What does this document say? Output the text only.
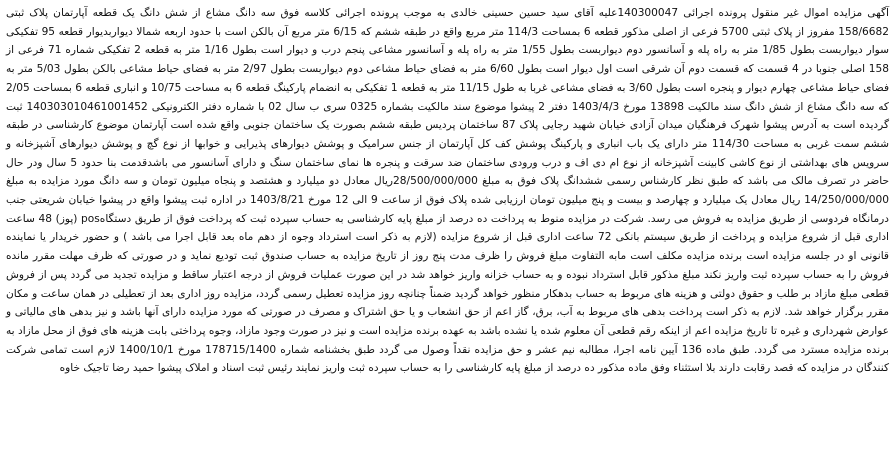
آگهی مزایده اموال غیر منقول پرونده اجرائی 140300047علیه آقای سید حسین حسینی خالدی به موجب پرونده اجرائی کلاسه فوق سه دانگ مشاع از شش دانگ یک قطعه آپارتمان پلاک ثبتی 158/6682 مفروز از پلاک ثبتی 5700 فرعی از اصلی مذکور قطعه 6 بمساحت 114/3 متر مربع واقع در طبقه ششم که 6/15 متر مربع آن بالکن است با حدود اربعه شمالا دیواربدیوار قطعه 95 تفکیکی سوار دیواربست بطول 1/85 متر به راه پله و آسانسور دوم دیواربست بطول 1/55 متر به راه پله و آسانسور مشاعی پنجم درب و دیوار است بطول 1/16 متر به قطعه 2 تفکیکی شماره 71 فرعی از 158 اصلی جنوبا در 4 قسمت که قسمت دوم آن شرقی است اول دیوار است بطول 6/60 متر به فضای حیاط مشاعی دوم دیواربست بطول 2/97 متر به فضای حیاط مشاعی بالکن بطول 5/03 متر به فضای حیاط مشاعی چهارم دیوار و پنجره است بطول 3/60 به فضای مشاعی غربا به طول 11/15 متر به قطعه 1 تفکیکی به انضمام پارکینگ قطعه 6 به مساحت 10/75 و انباری قطعه 6 بمساحت 2/05 که سه دانگ مشاع از شش دانگ سند مالکیت 13898 مورخ 1403/4/3 دفتر 2 پیشوا موضوع سند مالکیت بشماره 0325 سری ب سال 02 با شماره دفتر الکترونیکی 140303010461001452 ثبت گردیده است به آدرس پیشوا شهرک فرهنگیان میدان آزادی خیابان شهید رجایی پلاک 87 ساختمان پردیس طبقه ششم بصورت یک ساختمان جنوبی واقع شده است آپارتمان موضوع کارشناسی در طبقه ششم سمت غربی به مساحت 114/30 متر دارای یک باب انباری و پارکینگ پوشش کف کل آپارتمان از جنس سرامیک و پوشش دیوارهای پذیرایی و خوابها از نوع گچ و پوشش دیوارهای آشپزخانه و سرویس های بهداشتی از نوع کاشی کابینت آشپزخانه از نوع ام دی اف و درب ورودی ساختمان ضد سرقت و پنجره ها نمای ساختمان سنگ و دارای آسانسور می باشدقدمت بنا حدود 5 سال ودر حال حاضر در تصرف مالک می باشد که طبق نظر کارشناس رسمی ششدانگ پلاک فوق به مبلغ 28/500/000/000ریال معادل دو میلیارد و هشتصد و پنجاه میلیون تومان و سه دانگ مورد مزایده به مبلغ 14/250/000/000 ریال معادل یک میلیارد و چهارصد و بیست و پنج میلیون تومان ارزیابی شده پلاک فوق از ساعت 9 الی 12 مورخ 1403/8/21 در اداره ثبت پیشوا واقع در پیشوا خیابان شریعتی جنب درمانگاه فردوسی از طریق مزایده به فروش می رسد. شرکت در مزایده منوط به پرداخت ده درصد از مبلغ پایه کارشناسی به حساب سپرده ثبت که پرداخت فوق از طریق دستگاهpos (پوز) 48 ساعت اداری قبل از شروع مزایده و پرداخت از طریق سیستم بانکی 72 ساعت اداری قبل از شروع مزایده (لازم به ذکر است استرداد وجوه از دهم ماه بعد قابل اجرا می باشد ) و حضور خریدار یا نماینده قانونی او در جلسه مزایده است برنده مزایده مکلف است مابه التفاوت مبلغ فروش را ظرف مدت پنج روز از تاریخ مزایده به حساب صندوق ثبت تودیع نماید و در صورتی که ظرف مهلت مقرر مانده فروش را به حساب سپرده ثبت واریز نکند مبلغ مذکور قابل استرداد نبوده و به حساب خزانه واریز خواهد شد در این صورت عملیات فروش از درجه اعتبار ساقط و مزایده تجدید می گردد پس از فروش قطعی مبلغ مازاد بر طلب و حقوق دولتی و هزینه های مربوط به حساب بدهکار منظور خواهد گردید ضمناً چنانچه روز مزایده تعطیل رسمی گردد، مزایده روز اداری بعد از تعطیلی در همان ساعت و مکان مقرر برگزار خواهد شد. لازم به ذکر است پرداخت بدهی های مربوط به آب، برق، گاز اعم از حق انشعاب و یا حق اشتراک و مصرف در صورتی که مورد مزایده دارای آنها باشد و نیز بدهی های مالیاتی و عوارض شهرداری و غیره تا تاریخ مزایده اعم از اینکه رقم قطعی آن معلوم شده یا نشده باشد به عهده برنده مزایده است و نیز در صورت وجود مازاد، وجوه پرداختی بابت هزینه های فوق از محل مازاد به برنده مزایده مسترد می گردد. طبق ماده 136 آیین نامه اجرا، مطالبه نیم عشر و حق مزایده نقداً وصول می گردد طبق بخشنامه شماره 178715/1400 مورخ 1400/10/1 لازم است تمامی شرکت کنندگان در مزایده که قصد رقابت دارند بلا استثناء وفق ماده مذکور ده درصد از مبلغ پایه کارشناسی را به حساب سپرده ثبت واریز نمایند رئیس ثبت اسناد و املاک پیشوا حمید رضا تاجیک خاوه
